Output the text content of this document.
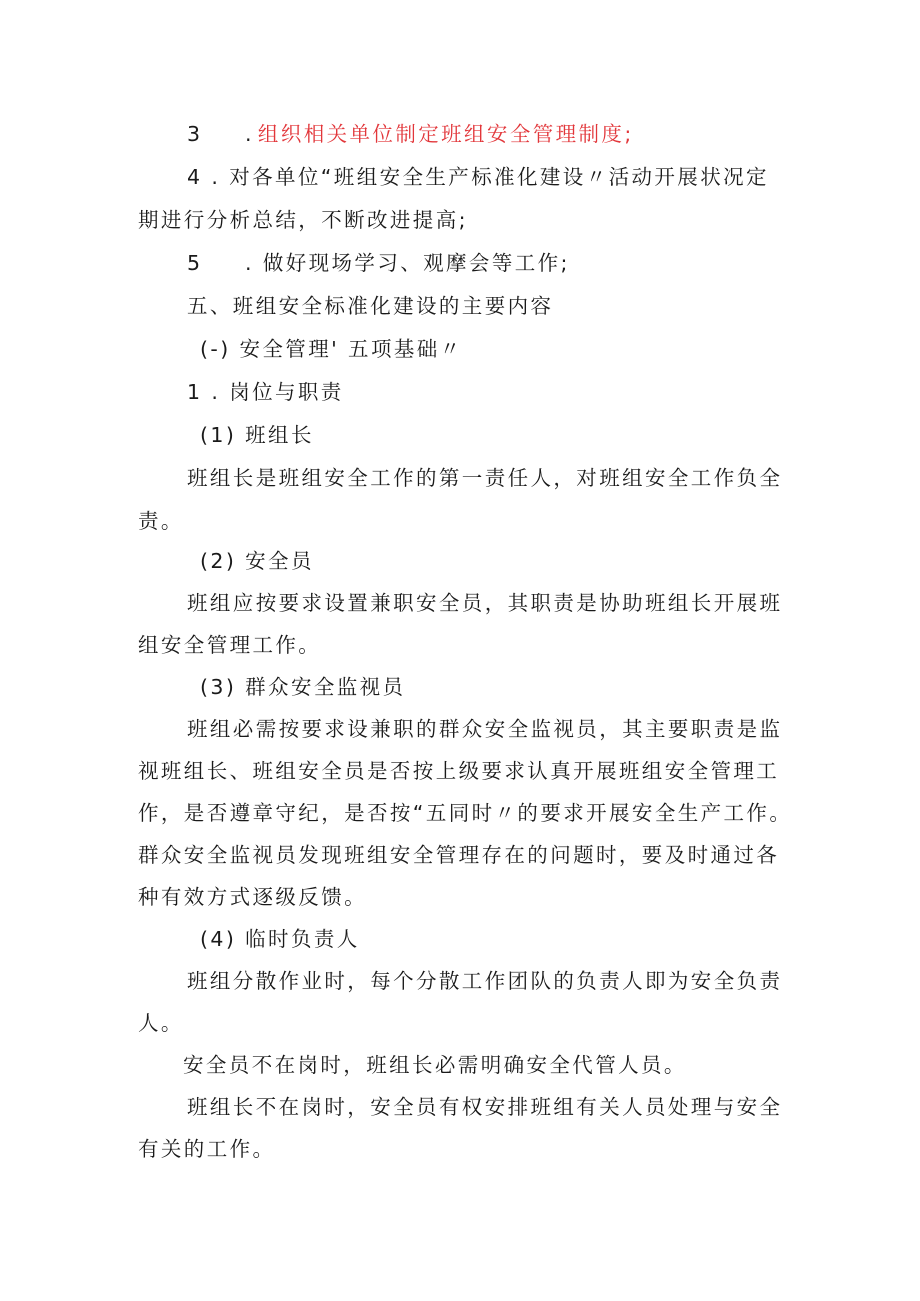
3 . 组织相关单位制定班组安全管理制度;
4 . 对各单位“班组安全生产标准化建设〃活动开展状况定
期进行分析总结，不断改进提高;
5 . 做好现场学习、观摩会等工作;
五、班组安全标准化建设的主要内容
(-) 安全管理' 五项基础〃
1 . 岗位与职责
(1) 班组长
班组长是班组安全工作的第一责任人，对班组安全工作负全
责。
(2) 安全员
班组应按要求设置兼职安全员，其职责是协助班组长开展班
组安全管理工作。
(3) 群众安全监视员
班组必需按要求设兼职的群众安全监视员，其主要职责是监
视班组长、班组安全员是否按上级要求认真开展班组安全管理工
作，是否遵章守纪，是否按“五同时〃的要求开展安全生产工作。
群众安全监视员发现班组安全管理存在的问题时，要及时通过各
种有效方式逐级反馈。
(4) 临时负责人
班组分散作业时，每个分散工作团队的负责人即为安全负责
人。
安全员不在岗时，班组长必需明确安全代管人员。
班组长不在岗时，安全员有权安排班组有关人员处理与安全
有关的工作。
